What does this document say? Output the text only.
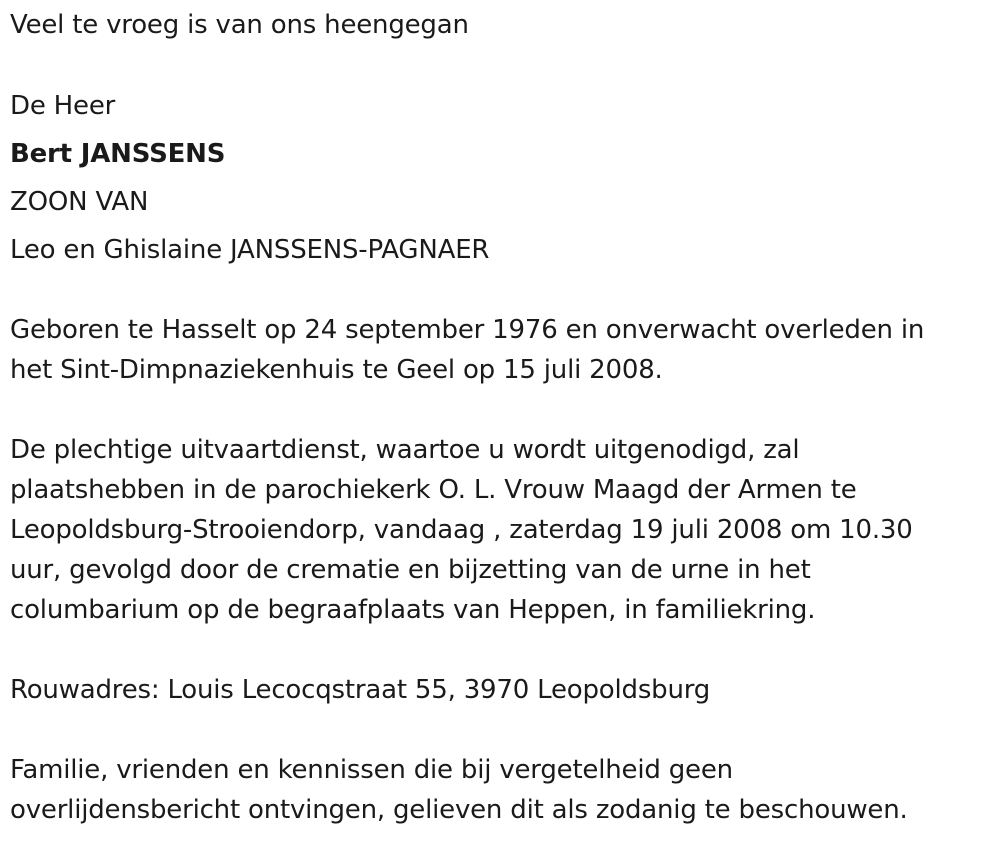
Veel te vroeg is van ons heengegan

De Heer

Bert JANSSENS

ZOON VAN

Leo en Ghislaine JANSSENS-PAGNAER

Geboren te Hasselt op 24 september 1976 en onverwacht overleden in

het Sint-Dimpnaziekenhuis te Geel op 15 juli 2008.

De plechtige uitvaartdienst, waartoe u wordt uitgenodigd, zal

plaatshebben in de parochiekerk O. L. Vrouw Maagd der Armen te

Leopoldsburg-Strooiendorp, vandaag , zaterdag 19 juli 2008 om 10.30

uur, gevolgd door de crematie en bijzetting van de urne in het

columbarium op de begraafplaats van Heppen, in familiekring.

Rouwadres: Louis Lecocqstraat 55, 3970 Leopoldsburg

Familie, vrienden en kennissen die bij vergetelheid geen

overlijdensbericht ontvingen, gelieven dit als zodanig te beschouwen.
